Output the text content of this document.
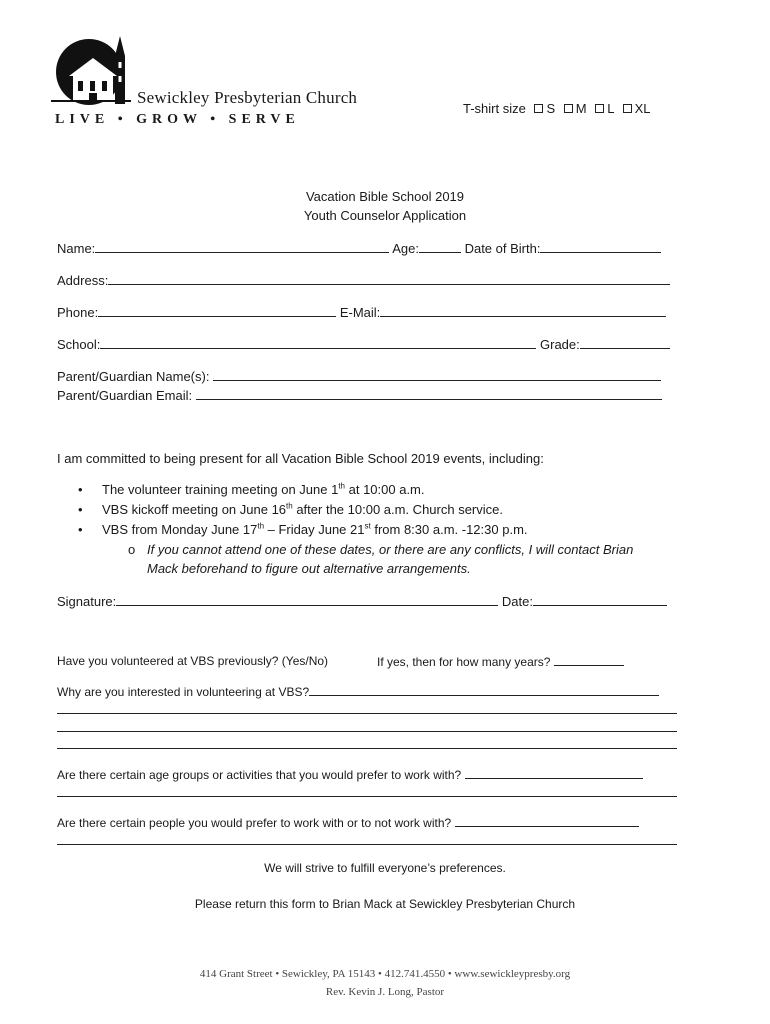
Sewickley Presbyterian Church
LIVE • GROW • SERVE
T-shirt size S M L XL
Vacation Bible School 2019
Youth Counselor Application
Name:	Age:	Date of Birth:
Address:
Phone:	E-Mail:
School:	Grade:
Parent/Guardian Name(s):
Parent/Guardian Email:
I am committed to being present for all Vacation Bible School 2019 events, including:
• The volunteer training meeting on June 1th at 10:00 a.m.
• VBS kickoff meeting on June 16th after the 10:00 a.m. Church service.
• VBS from Monday June 17th – Friday June 21st from 8:30 a.m. -12:30 p.m.
o If you cannot attend one of these dates, or there are any conflicts, I will contact Brian
Mack beforehand to figure out alternative arrangements.
Signature:	Date:
Have you volunteered at VBS previously? (Yes/No)	If yes, then for how many years?
Why are you interested in volunteering at VBS?
Are there certain age groups or activities that you would prefer to work with?
Are there certain people you would prefer to work with or to not work with?
We will strive to fulfill everyone’s preferences.
Please return this form to Brian Mack at Sewickley Presbyterian Church
414 Grant Street • Sewickley, PA 15143 • 412.741.4550 • www.sewickleypresby.org
Rev. Kevin J. Long, Pastor
